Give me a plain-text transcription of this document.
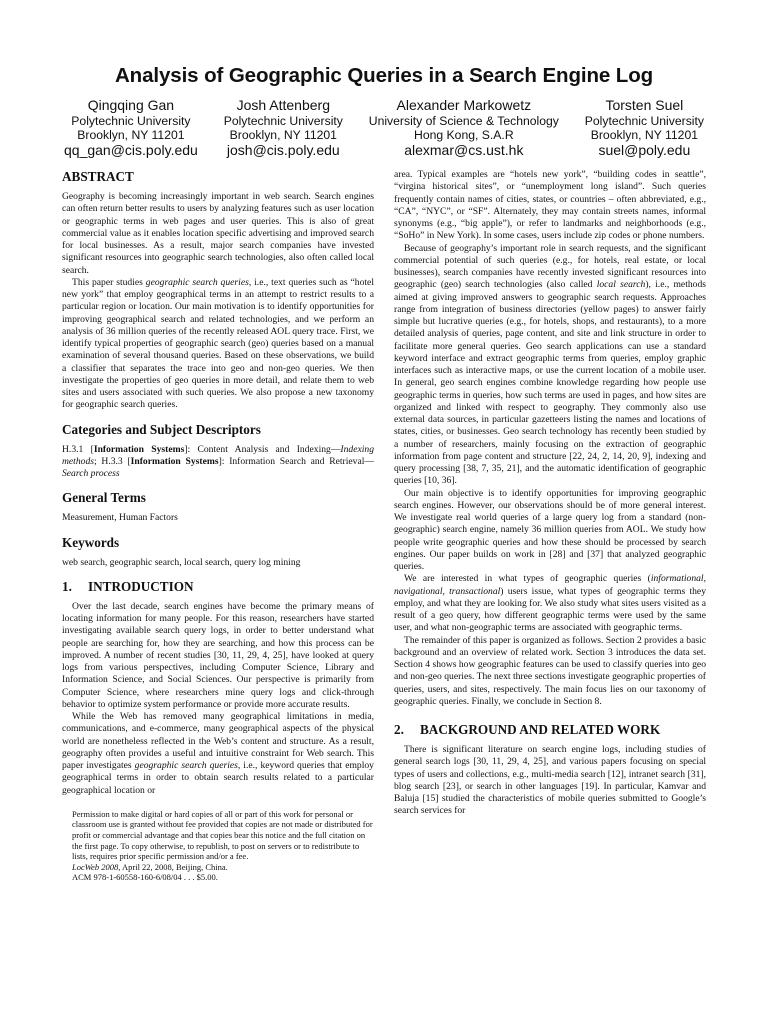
Analysis of Geographic Queries in a Search Engine Log
Qingqing Gan
Polytechnic University
Brooklyn, NY 11201
qq_gan@cis.poly.edu
Josh Attenberg
Polytechnic University
Brooklyn, NY 11201
josh@cis.poly.edu
Alexander Markowetz
University of Science & Technology
Hong Kong, S.A.R
alexmar@cs.ust.hk
Torsten Suel
Polytechnic University
Brooklyn, NY 11201
suel@poly.edu
ABSTRACT

Geography is becoming increasingly important in web search. Search engines can often return better results to users by analyzing features such as user location or geographic terms in web pages and user queries. This is also of great commercial value as it enables location specific advertising and improved search for local businesses. As a result, major search companies have invested significant resources into geographic search technologies, also often called local search.

This paper studies geographic search queries, i.e., text queries such as “hotel new york” that employ geographical terms in an attempt to restrict results to a particular region or location. Our main motivation is to identify opportunities for improving geographical search and related technologies, and we perform an analysis of 36 million queries of the recently released AOL query trace. First, we identify typical properties of geographic search (geo) queries based on a manual examination of several thousand queries. Based on these observations, we build a classifier that separates the trace into geo and non-geo queries. We then investigate the properties of geo queries in more detail, and relate them to web sites and users associated with such queries. We also propose a new taxonomy for geographic search queries.

Categories and Subject Descriptors

H.3.1 [Information Systems]: Content Analysis and Indexing—Indexing methods; H.3.3 [Information Systems]: Information Search and Retrieval—Search process

General Terms

Measurement, Human Factors

Keywords

web search, geographic search, local search, query log mining

1. INTRODUCTION

Over the last decade, search engines have become the primary means of locating information for many people. For this reason, researchers have started investigating available search query logs, in order to better understand what people are searching for, how they are searching, and how this process can be improved. A number of recent studies [30, 11, 29, 4, 25], have looked at query logs from various perspectives, including Computer Science, Library and Information Science, and Social Sciences. Our perspective is primarily from Computer Science, where researchers mine query logs and click-through behavior to optimize system performance or provide more accurate results.

While the Web has removed many geographical limitations in media, communications, and e-commerce, many geographical aspects of the physical world are nonetheless reflected in the Web’s content and structure. As a result, geography often provides a useful and intuitive constraint for Web search. This paper investigates geographic search queries, i.e., keyword queries that employ geographical terms in order to obtain search results related to a particular geographical location or

Permission to make digital or hard copies of all or part of this work for personal or classroom use is granted without fee provided that copies are not made or distributed for profit or commercial advantage and that copies bear this notice and the full citation on the first page. To copy otherwise, to republish, to post on servers or to redistribute to lists, requires prior specific permission and/or a fee.

LocWeb 2008, April 22, 2008, Beijing, China.

ACM 978-1-60558-160-6/08/04 . . . $5.00.

area. Typical examples are “hotels new york”, “building codes in seattle”, “virgina historical sites”, or “unemployment long island”. Such queries frequently contain names of cities, states, or countries – often abbreviated, e.g., “CA”, “NYC”, or “SF”. Alternately, they may contain streets names, informal synonyms (e.g., “big apple”), or refer to landmarks and neighborhoods (e.g., “SoHo” in New York). In some cases, users include zip codes or phone numbers.

Because of geography’s important role in search requests, and the significant commercial potential of such queries (e.g., for hotels, real estate, or local businesses), search companies have recently invested significant resources into geographic (geo) search technologies (also called local search), i.e., methods aimed at giving improved answers to geographic search requests. Approaches range from integration of business directories (yellow pages) to answer fairly simple but lucrative queries (e.g., for hotels, shops, and restaurants), to a more detailed analysis of queries, page content, and site and link structure in order to facilitate more general queries. Geo search applications can use a standard keyword interface and extract geographic terms from queries, employ graphic interfaces such as interactive maps, or use the current location of a mobile user. In general, geo search engines combine knowledge regarding how people use geographic terms in queries, how such terms are used in pages, and how sites are organized and linked with respect to geography. They commonly also use external data sources, in particular gazetteers listing the names and locations of states, cities, or businesses. Geo search technology has recently been studied by a number of researchers, mainly focusing on the extraction of geographic information from page content and structure [22, 24, 2, 14, 20, 9], indexing and query processing [38, 7, 35, 21], and the automatic identification of geographic queries [10, 36].

Our main objective is to identify opportunities for improving geographic search engines. However, our observations should be of more general interest. We investigate real world queries of a large query log from a standard (non-geographic) search engine, namely 36 million queries from AOL. We study how people write geographic queries and how these should be processed by search engines. Our paper builds on work in [28] and [37] that analyzed geographic queries.

We are interested in what types of geographic queries (informational, navigational, transactional) users issue, what types of geographic terms they employ, and what they are looking for. We also study what sites users visited as a result of a geo query, how different geographic terms were used by the same user, and what non-geographic terms are associated with geographic terms.

The remainder of this paper is organized as follows. Section 2 provides a basic background and an overview of related work. Section 3 introduces the data set. Section 4 shows how geographic features can be used to classify queries into geo and non-geo queries. The next three sections investigate geographic properties of queries, users, and sites, respectively. The main focus lies on our taxonomy of geographic queries. Finally, we conclude in Section 8.

2. BACKGROUND AND RELATED WORK

There is significant literature on search engine logs, including studies of general search logs [30, 11, 29, 4, 25], and various papers focusing on special types of users and collections, e.g., multi-media search [12], intranet search [31], blog search [23], or search in other languages [19]. In particular, Kamvar and Baluja [15] studied the characteristics of mobile queries submitted to Google’s search services for
